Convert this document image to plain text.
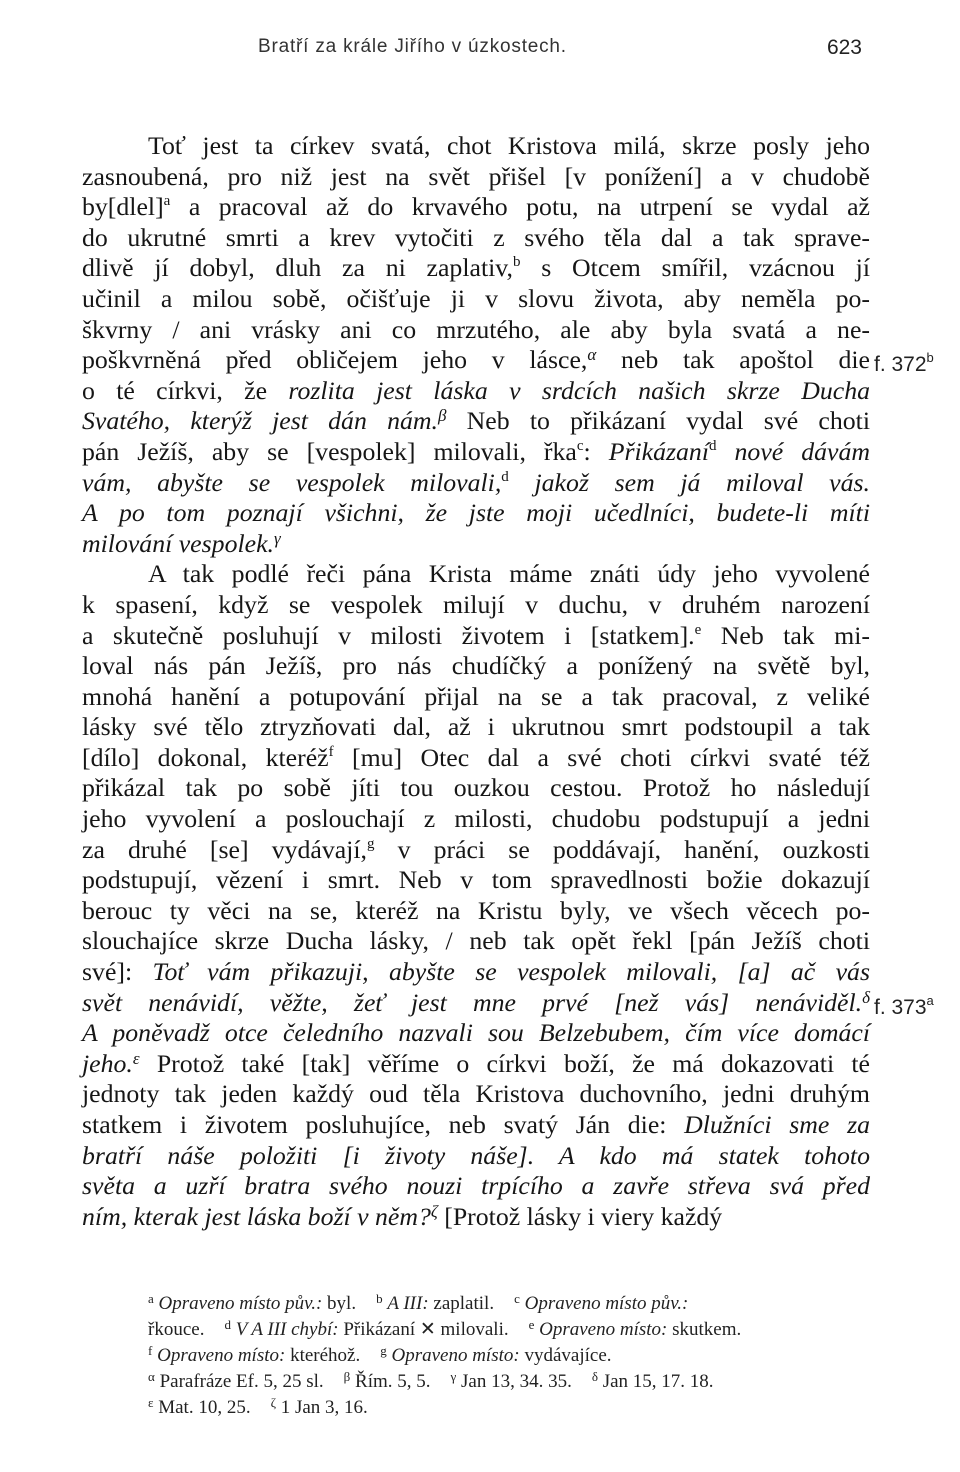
Bratří za krále Jiřího v úzkostech.	623
f. 372$^b$
f. 373$^a$
Toť jest ta církev svatá, chot Kristova milá, skrze posly jeho
zasnoubená, pro niž jest na svět přišel [v ponížení] a v chudobě
by[dlel]$^a$ a pracoval až do krvavého potu, na utrpení se vydal až
do ukrutné smrti a krev vytočiti z svého těla dal a tak sprave-
dlivě jí dobyl, dluh za ni zaplativ,$^b$ s Otcem smířil, vzácnou jí
učinil a milou sobě, očišťuje ji v slovu života, aby neměla po-
škvrny / ani vrásky ani co mrzutého, ale aby byla svatá a ne-
poškvrněná před obličejem jeho v lásce,$^\alpha$ neb tak apoštol die
o té církvi, že rozlita jest láska v srdcích našich skrze Ducha
Svatého, kterýž jest dán nám.$^\beta$ Neb to přikázaní vydal své choti
pán Ježíš, aby se [vespolek] milovali, řka$^c$: Přikázaní$^d$ nové dávám
vám, abyšte se vespolek milovali,$^d$ jakož sem já miloval vás.
A po tom poznají všichni, že jste moji učedlníci, budete-li míti
milování vespolek.$^\gamma$
A tak podlé řeči pána Krista máme znáti údy jeho vyvolené
k spasení, když se vespolek milují v duchu, v druhém narození
a skutečně posluhují v milosti životem i [statkem].$^e$ Neb tak mi-
loval nás pán Ježíš, pro nás chudíčký a ponížený na světě byl,
mnohá hanění a potupování přijal na se a tak pracoval, z veliké
lásky své tělo ztryzňovati dal, až i ukrutnou smrt podstoupil a tak
[dílo] dokonal, kteréž$^f$ [mu] Otec dal a své choti církvi svaté též
přikázal tak po sobě jíti tou ouzkou cestou. Protož ho následují
jeho vyvolení a poslouchají z milosti, chudobu podstupují a jedni
za druhé [se] vydávají,$^g$ v práci se poddávají, hanění, ouzkosti
podstupují, vězení i smrt. Neb v tom spravedlnosti božie dokazují
berouc ty věci na se, kteréž na Kristu byly, ve všech věcech po-
slouchajíce skrze Ducha lásky, / neb tak opět řekl [pán Ježíš choti
své]: Toť vám přikazuji, abyšte se vespolek milovali, [a] ač vás
svět nenávidí, věžte, žeť jest mne prvé [než vás] nenáviděl.$^\delta$
A poněvadž otce čeledního nazvali sou Belzebubem, čím více domácí
jeho.$^\varepsilon$ Protož také [tak] věříme o církvi boží, že má dokazovati té
jednoty tak jeden každý oud těla Kristova duchovního, jedni druhým
statkem i životem posluhujíce, neb svatý Ján die: Dlužníci sme za
bratří náše položiti [i životy náše]. A kdo má statek tohoto
světa a uzří bratra svého nouzi trpícího a zavře střeva svá před
ním, kterak jest láska boží v něm?$^\zeta$ [Protož lásky i viery každý
$^a$ Opraveno místo pův.: byl. $^b$ A III: zaplatil. $^c$ Opraveno místo pův.:
řkouce. $^d$ V A III chybí: Přikázaní ✕ milovali. $^e$ Opraveno místo: skutkem.
$^f$ Opraveno místo: kteréhož. $^g$ Opraveno místo: vydávajíce.
$^\alpha$ Parafráze Ef. 5, 25 sl. $^\beta$ Řím. 5, 5. $^\gamma$ Jan 13, 34. 35. $^\delta$ Jan 15, 17. 18.
$^\varepsilon$ Mat. 10, 25. $^\zeta$ 1 Jan 3, 16.
